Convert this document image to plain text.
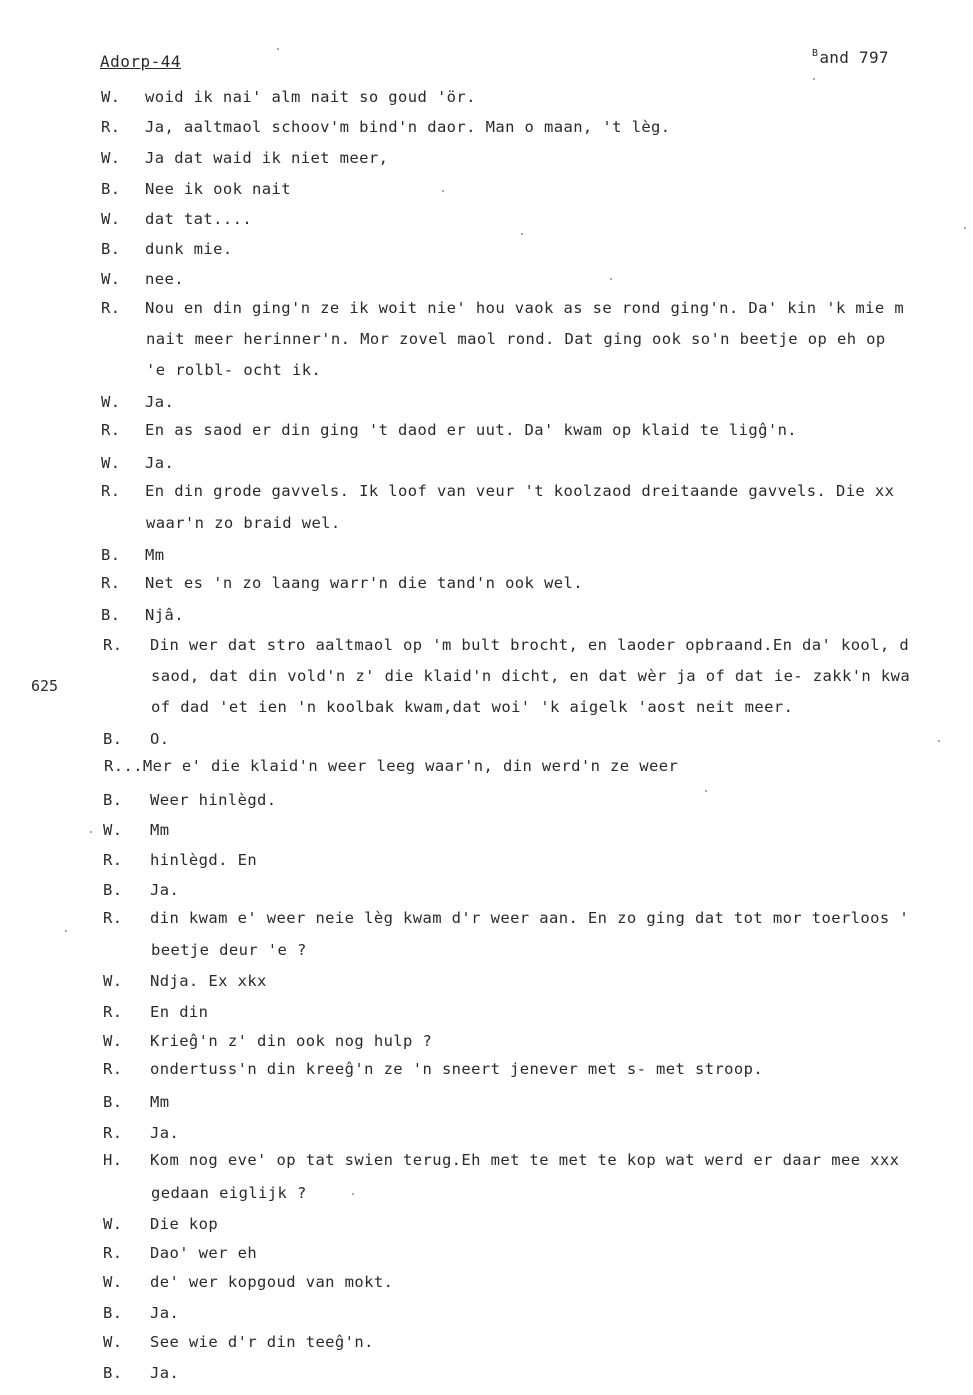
Adorp-44	$^B$and 797
625
W.	woid ik nai' alm nait so goud 'ör.
R.	Ja, aaltmaol schoov'm bind'n daor. Man o maan, 't lèg.
W.	Ja dat waid ik niet meer,
B.	Nee ik ook nait
W.	dat tat....
B.	dunk mie.
W.	nee.
R.	Nou en din ging'n ze ik woit nie' hou vaok as se rond ging'n. Da' kin 'k mie m
nait meer herinner'n. Mor zovel maol rond. Dat ging ook so'n beetje op eh op
'e rolbl- ocht ik.
W.	Ja.
R.	En as saod er din ging 't daod er uut. Da' kwam op klaid te ligĝ'n.
W.	Ja.
R.	En din grode gavvels. Ik loof van veur 't koolzaod dreitaande gavvels. Die xx
waar'n zo braid wel.
B.	Mm
R.	Net es 'n zo laang warr'n die tand'n ook wel.
B.	Njâ.
R.	Din wer dat stro aaltmaol op 'm bult brocht, en laoder opbraand.En da' kool, d
saod, dat din vold'n z' die klaid'n dicht, en dat wèr ja of dat ie- zakk'n kwa
of dad 'et ien 'n koolbak kwam,dat woi' 'k aigelk 'aost neit meer.
B.	O.
R...Mer e' die klaid'n weer leeg waar'n, din werd'n ze weer
B.	Weer hinlègd.
W.	Mm
R.	hinlègd. En
B.	Ja.
R.	din kwam e' weer neie lèg kwam d'r weer aan. En zo ging dat tot mor toerloos '
beetje deur 'e ?
W.	Ndja. Ex xkx
R.	En din
W.	Krieĝ'n z' din ook nog hulp ?
R.	ondertuss'n din kreeĝ'n ze 'n sneert jenever met s- met stroop.
B.	Mm
R.	Ja.
H.	Kom nog eve' op tat swien terug.Eh met te met te kop wat werd er daar mee xxx
gedaan eiglijk ?
W.	Die kop
R.	Dao' wer eh
W.	de' wer kopgoud van mokt.
B.	Ja.
W.	See wie d'r din teeĝ'n.
B.	Ja.
